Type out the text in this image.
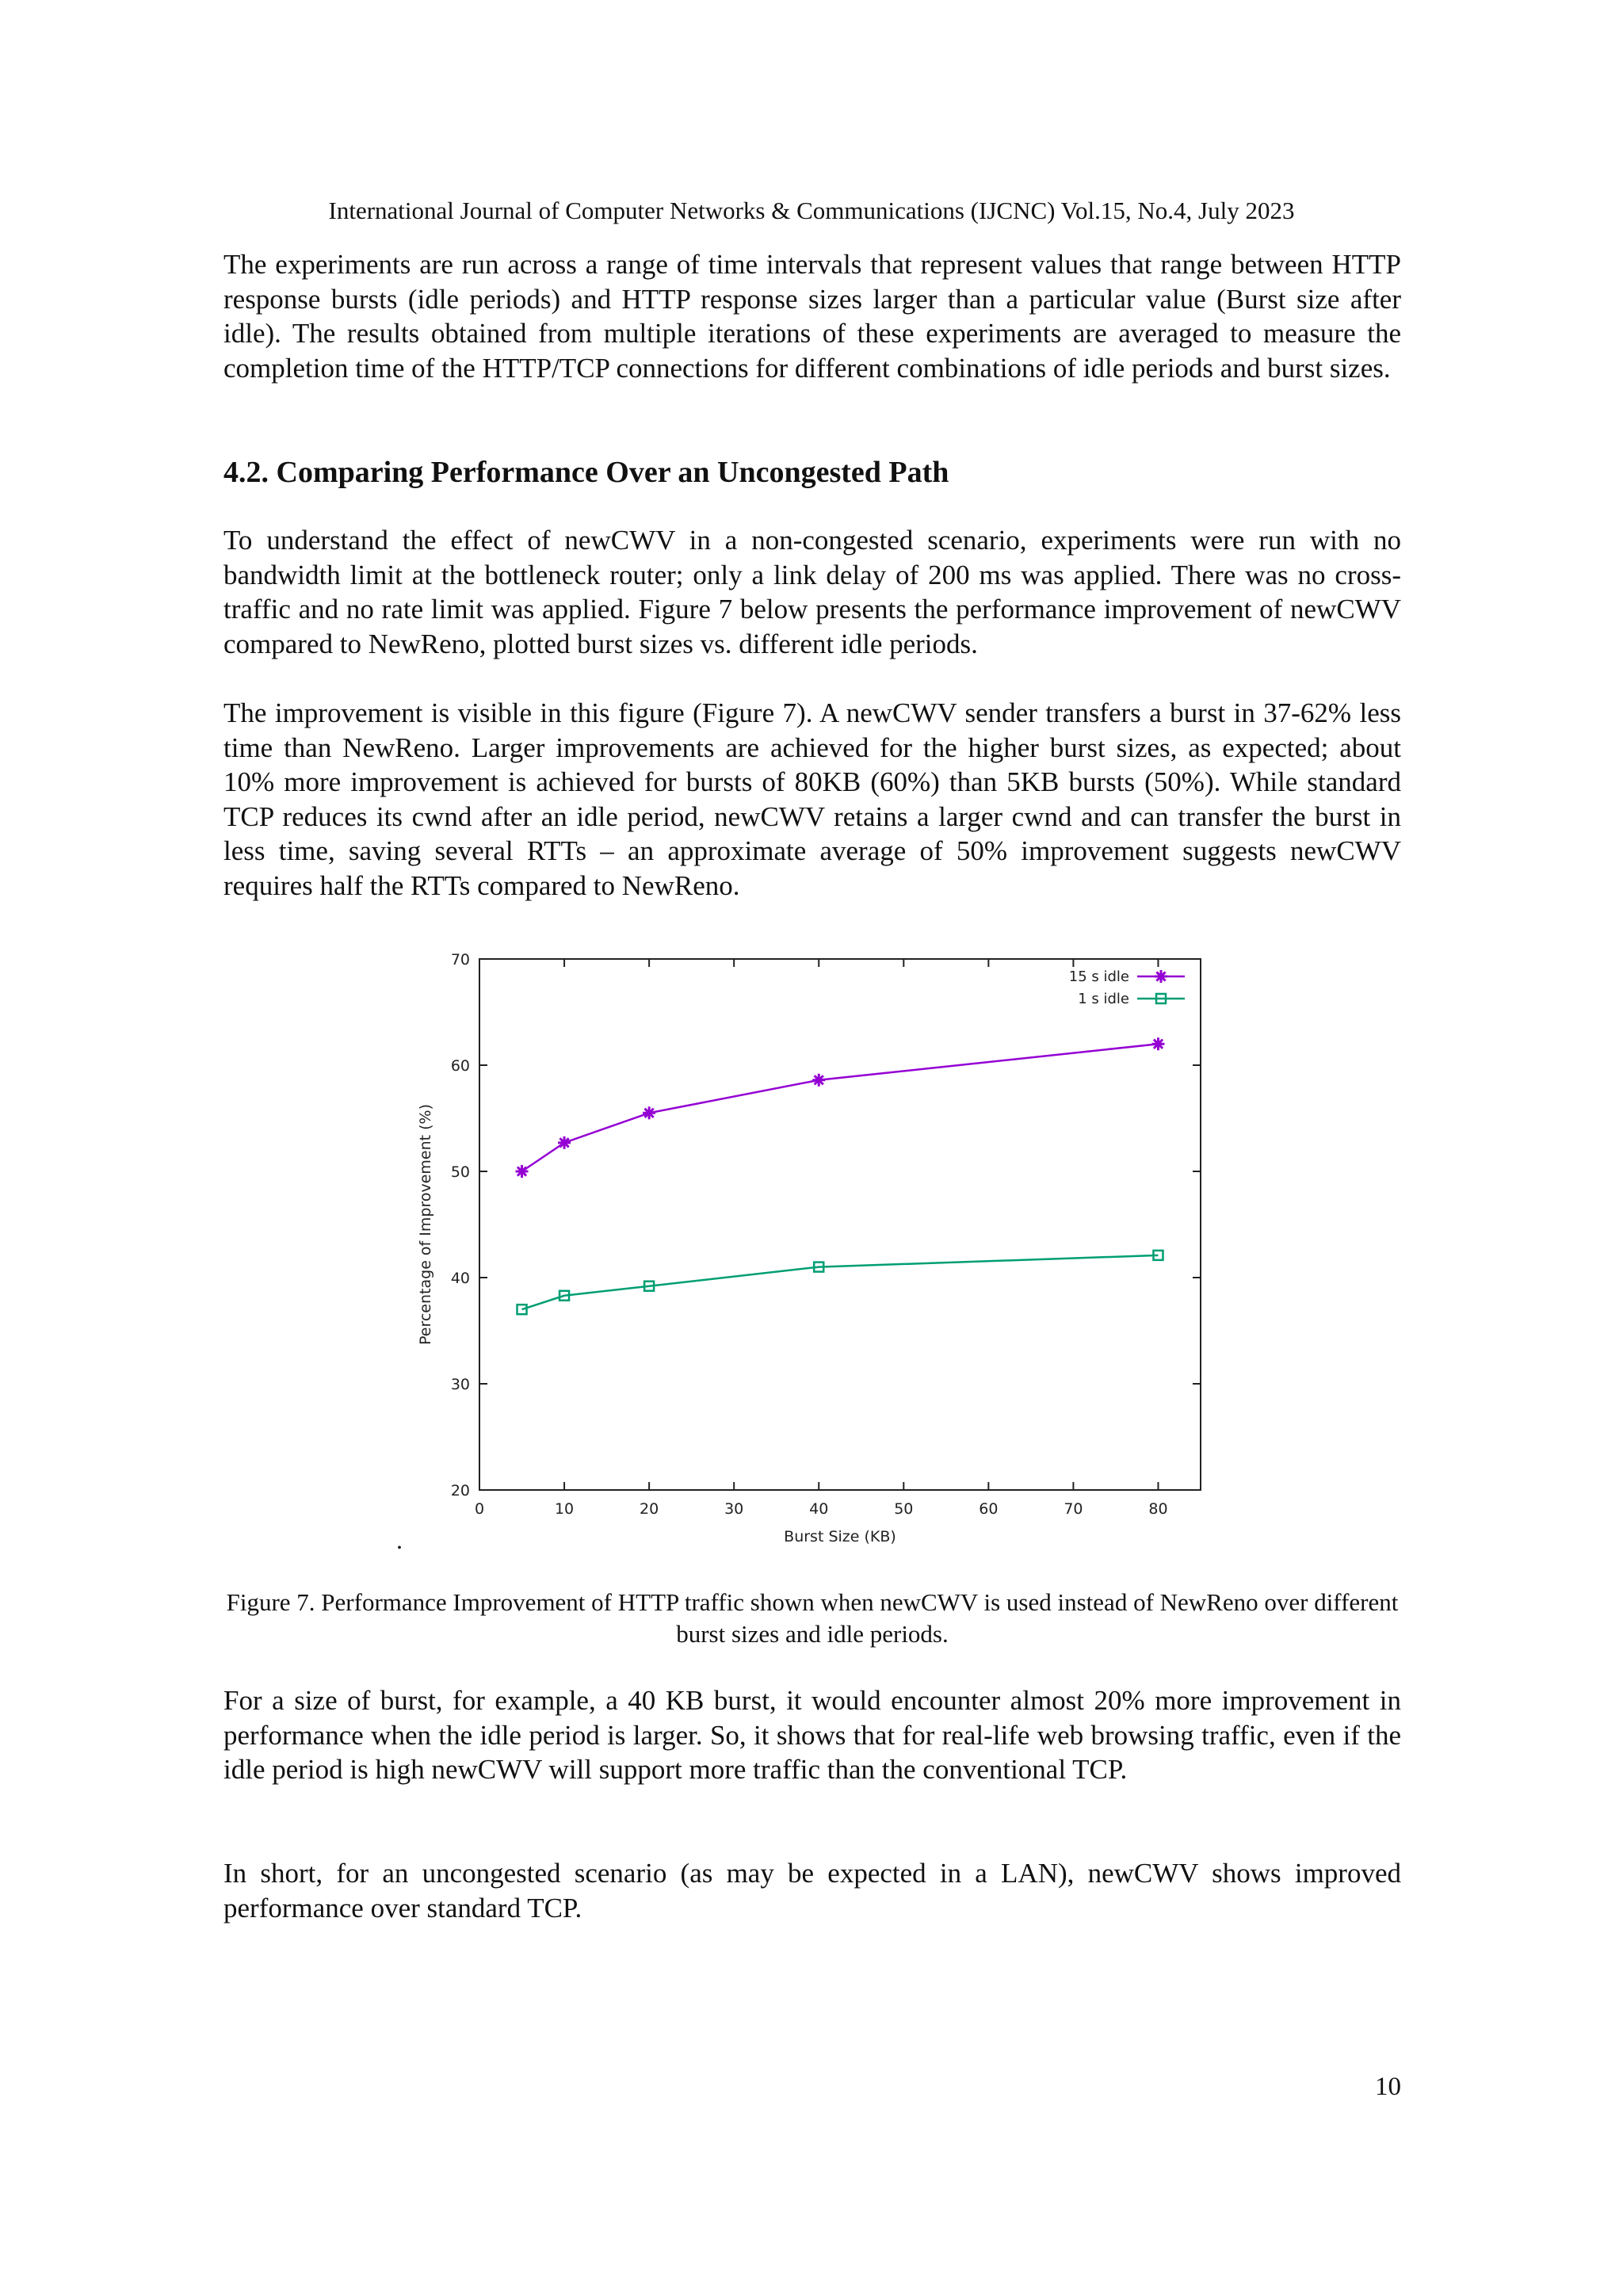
International Journal of Computer Networks & Communications (IJCNC) Vol.15, No.4, July 2023

The experiments are run across a range of time intervals that represent values that range between HTTP response bursts (idle periods) and HTTP response sizes larger than a particular value (Burst size after idle). The results obtained from multiple iterations of these experiments are averaged to measure the completion time of the HTTP/TCP connections for different combinations of idle periods and burst sizes.

4.2. Comparing Performance Over an Uncongested Path

To understand the effect of newCWV in a non-congested scenario, experiments were run with no bandwidth limit at the bottleneck router; only a link delay of 200 ms was applied. There was no cross-traffic and no rate limit was applied. Figure 7 below presents the performance improvement of newCWV compared to NewReno, plotted burst sizes vs. different idle periods.

The improvement is visible in this figure (Figure 7). A newCWV sender transfers a burst in 37-62% less time than NewReno. Larger improvements are achieved for the higher burst sizes, as expected; about 10% more improvement is achieved for bursts of 80KB (60%) than 5KB bursts (50%). While standard TCP reduces its cwnd after an idle period, newCWV retains a larger cwnd and can transfer the burst in less time, saving several RTTs – an approximate average of 50% improvement suggests newCWV requires half the RTTs compared to NewReno.

0	10	20	30	40	50	60	70	80
20
30
40
50
60
70
Burst Size (KB)
Percentage of Improvement (%)
15 s idle
1 s idle
.

Figure 7. Performance Improvement of HTTP traffic shown when newCWV is used instead of NewReno over different burst sizes and idle periods.

For a size of burst, for example, a 40 KB burst, it would encounter almost 20% more improvement in performance when the idle period is larger. So, it shows that for real-life web browsing traffic, even if the idle period is high newCWV will support more traffic than the conventional TCP.

In short, for an uncongested scenario (as may be expected in a LAN), newCWV shows improved performance over standard TCP.

10
